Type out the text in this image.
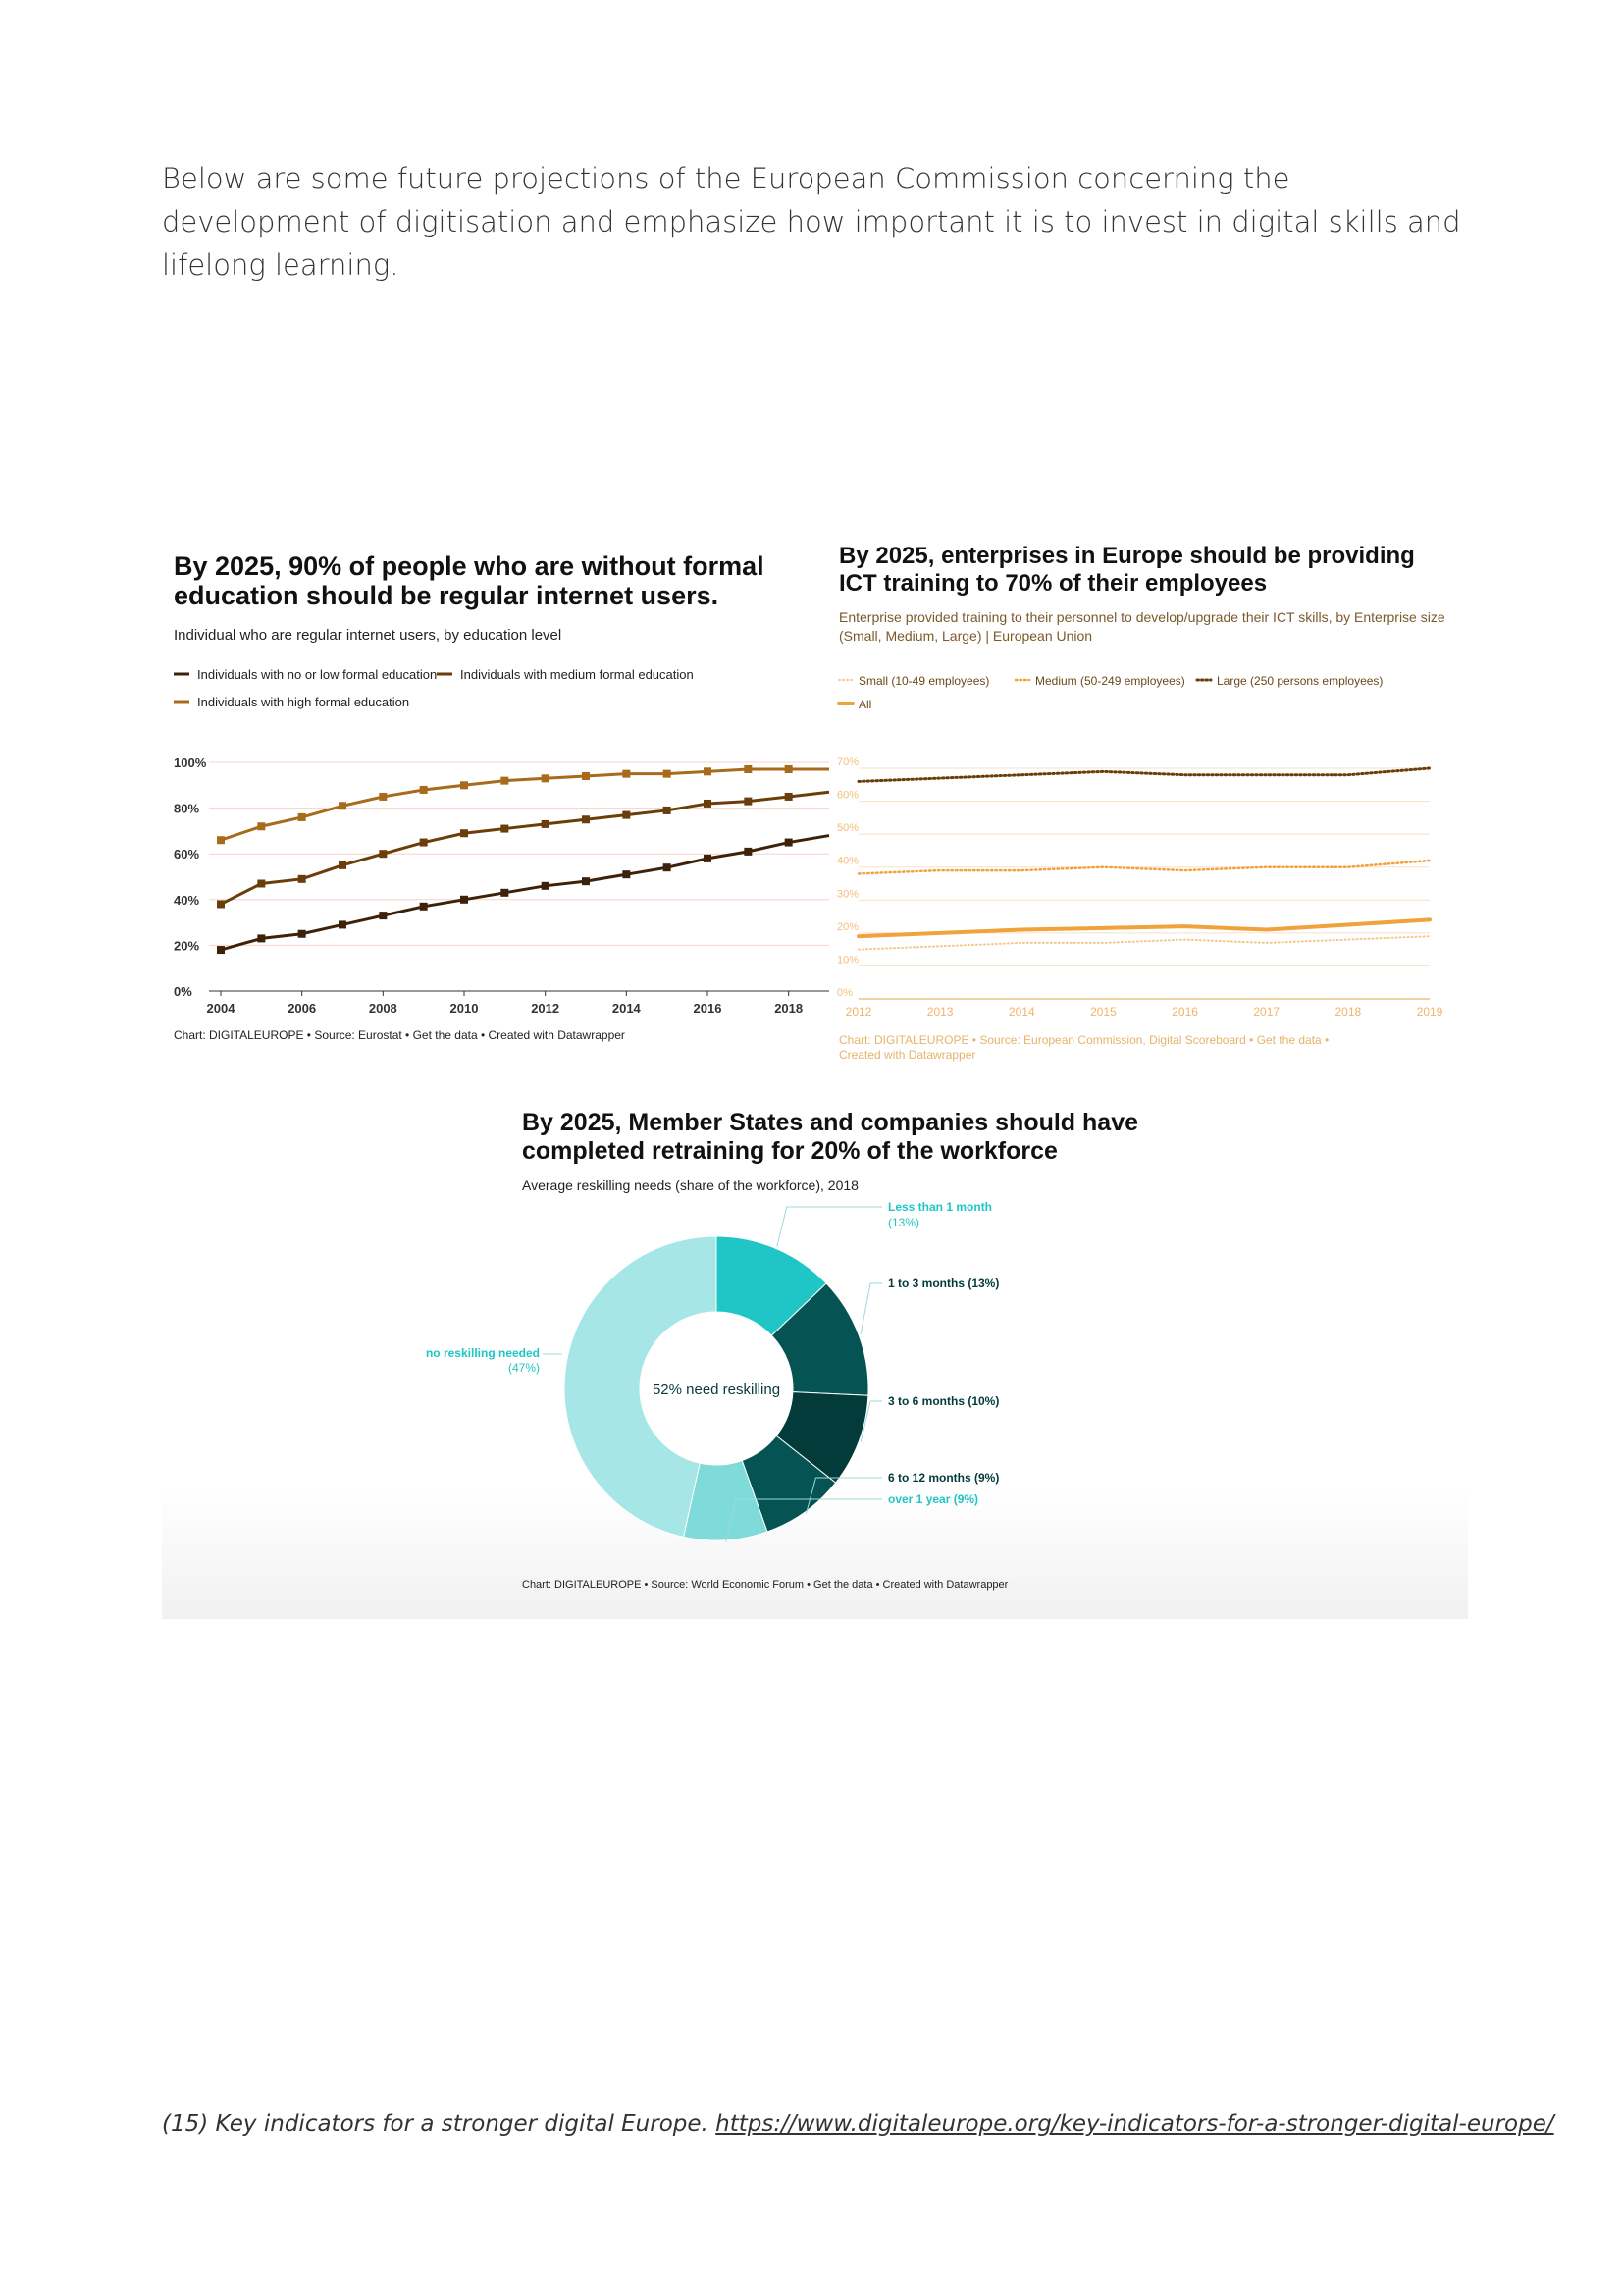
Below are some future projections of the European Commission concerning the development of digitisation and emphasize how important it is to invest in digital skills and lifelong learning.

By 2025, 90% of people who are without formal education should be regular internet users.

Individual who are regular internet users, by education level

Individuals with no or low formal education Individuals with medium formal education
Individuals with high formal education
0%
20%
40%
60%
80%
100%
2004	2006	2008	2010	2012	2014	2016	2018

Chart: DIGITALEUROPE • Source: Eurostat • Get the data • Created with Datawrapper

By 2025, enterprises in Europe should be providing ICT training to 70% of their employees

Enterprise provided training to their personnel to develop/upgrade their ICT skills, by Enterprise size (Small, Medium, Large) | European Union

Small (10-49 employees)	Medium (50-249 employees)	Large (250 persons employees)
All
0%
10%
20%
30%
40%
50%
60%
70%
2012	2013	2014	2015	2016	2017	2018	2019

Chart: DIGITALEUROPE • Source: European Commission, Digital Scoreboard • Get the data • Created with Datawrapper

By 2025, Member States and companies should have completed retraining for 20% of the workforce

Average reskilling needs (share of the workforce), 2018

52% need reskilling
Less than 1 month
(13%)
1 to 3 months (13%)
3 to 6 months (10%)
6 to 12 months (9%)
over 1 year (9%)
no reskilling needed
(47%)

Chart: DIGITALEUROPE • Source: World Economic Forum • Get the data • Created with Datawrapper

(15) Key indicators for a stronger digital Europe. https://www.digitaleurope.org/key-indicators-for-a-stronger-digital-europe/
